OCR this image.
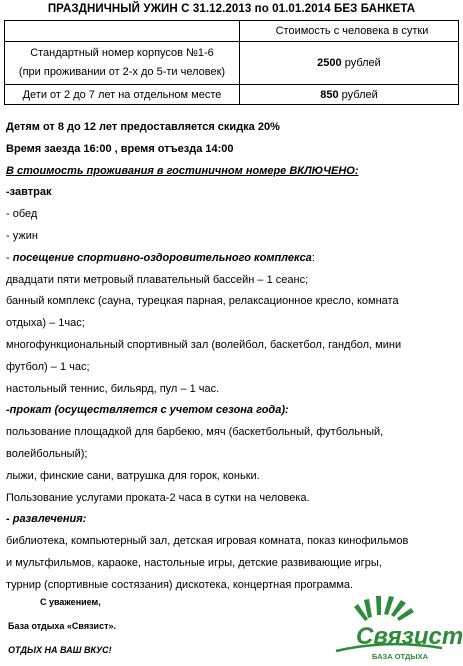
ПРАЗДНИЧНЫЙ УЖИН С 31.12.2013 по 01.01.2014 БЕЗ БАНКЕТА
	Стоимость с человека в сутки

Стандартный номер корпусов №1-6
(при проживании от 2-х до 5-ти человек)	2500 рублей
Дети от 2 до 7 лет на отдельном месте	850 рублей

Детям от 8 до 12 лет предоставляется скидка 20%

Время заезда 16:00 , время отъезда 14:00

В стоимость проживания в гостиничном номере ВКЛЮЧЕНО:

-завтрак

- обед

- ужин

- посещение спортивно-оздоровительного комплекса:

двадцати пяти метровый плавательный бассейн – 1 сеанс;

банный комплекс (сауна, турецкая парная, релаксационное кресло, комната

отдыха) – 1час;

многофункциональный спортивный зал (волейбол, баскетбол, гандбол, мини

футбол) – 1 час;

настольный теннис, бильярд, пул – 1 час.

-прокат (осуществляется с учетом сезона года):

пользование площадкой для барбекю, мяч (баскетбольный, футбольный,

волейбольный);

лыжи, финские сани, ватрушка для горок, коньки.

Пользование услугами проката-2 часа в сутки на человека.

- развлечения:

библиотека, компьютерный зал, детская игровая комната, показ кинофильмов

и мультфильмов, караоке, настольные игры, детские развивающие игры,

турнир (спортивные состязания) дискотека, концертная программа.

С уважением,
База отдыха «Связист».
ОТДЫХ НА ВАШ ВКУС!	Связист
БАЗА ОТДЫХА
